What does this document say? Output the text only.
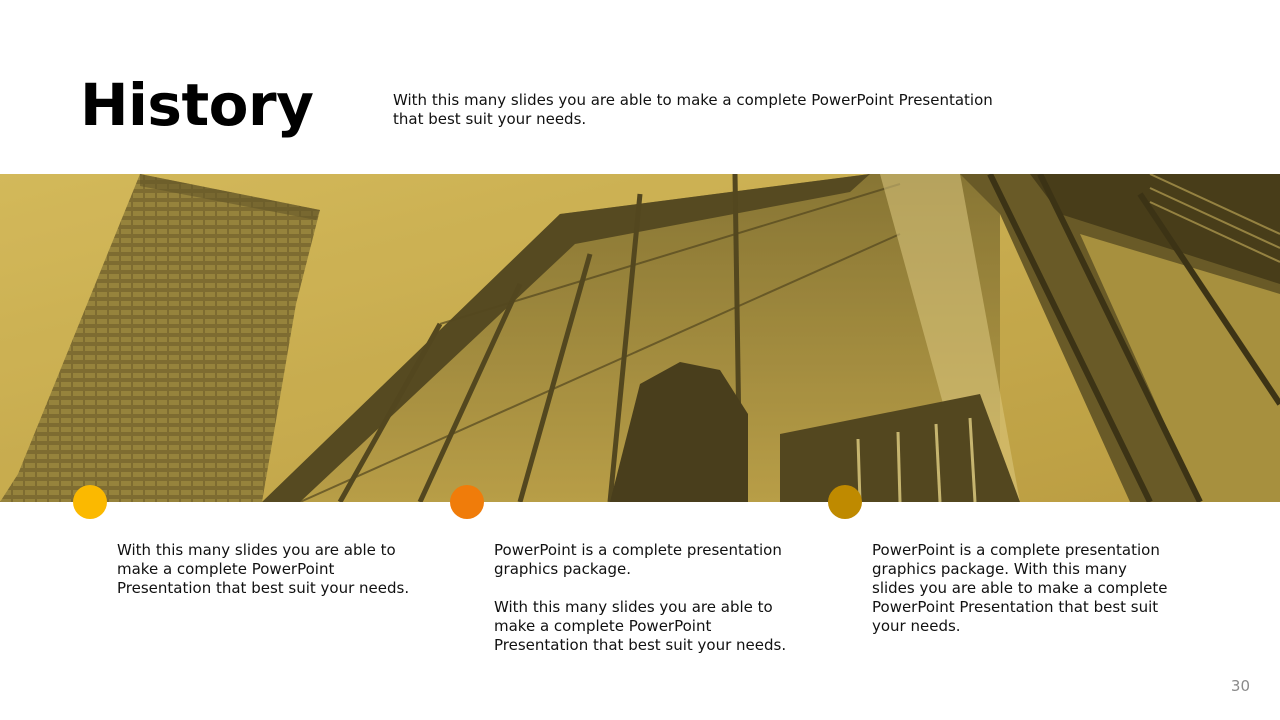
History	With this many slides you are able to make a complete PowerPoint Presentation that best suit your needs.

With this many slides you are able to make a complete PowerPoint Presentation that best suit your needs.

PowerPoint is a complete presentation graphics package.

With this many slides you are able to make a complete PowerPoint Presentation that best suit your needs.

PowerPoint is a complete presentation graphics package. With this many slides you are able to make a complete PowerPoint Presentation that best suit your needs.

30
